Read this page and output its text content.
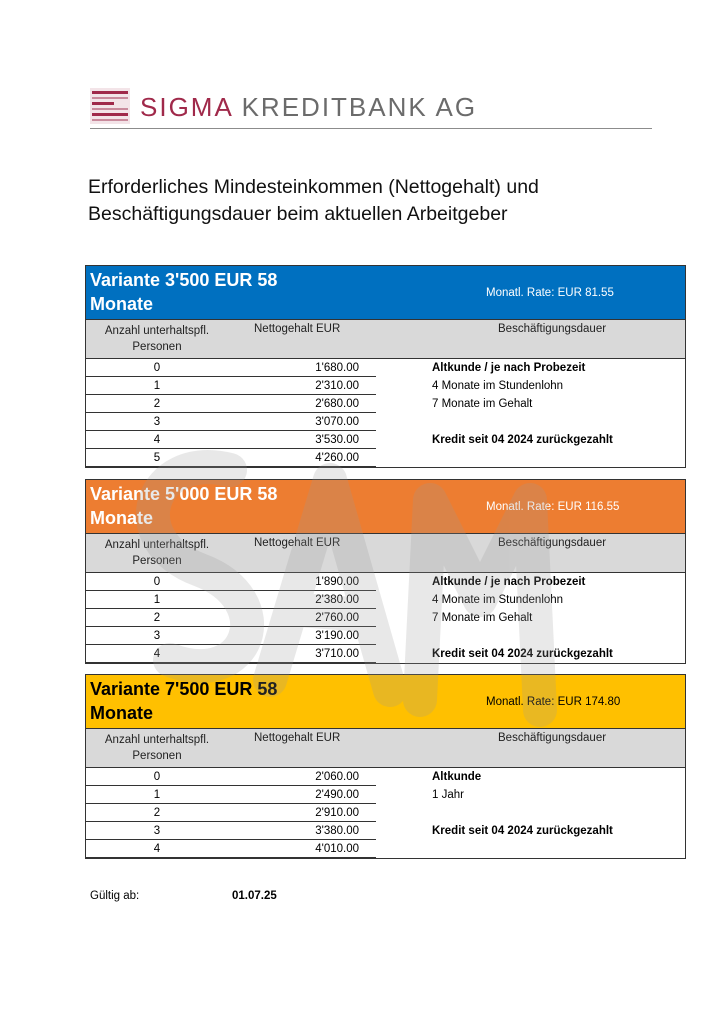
SIGMA KREDITBANK AG
Erforderliches Mindesteinkommen (Nettogehalt) und
Beschäftigungsdauer beim aktuellen Arbeitgeber
Variante 3'500 EUR 58
Monate
Monatl. Rate: EUR 81.55
Anzahl unterhaltspfl.
Personen
Nettogehalt EUR	Beschäftigungsdauer
0	1'680.00	Altkunde / je nach Probezeit
1	2'310.00	4 Monate im Stundenlohn
2	2'680.00	7 Monate im Gehalt
3	3'070.00
4	3'530.00	Kredit seit 04 2024 zurückgezahlt
5	4'260.00
Variante 5'000 EUR 58
Monate
Monatl. Rate: EUR 116.55
Anzahl unterhaltspfl.
Personen
Nettogehalt EUR	Beschäftigungsdauer
0	1'890.00	Altkunde / je nach Probezeit
1	2'380.00	4 Monate im Stundenlohn
2	2'760.00	7 Monate im Gehalt
3	3'190.00
4	3'710.00	Kredit seit 04 2024 zurückgezahlt
Variante 7'500 EUR 58
Monate
Monatl. Rate: EUR 174.80
Anzahl unterhaltspfl.
Personen
Nettogehalt EUR	Beschäftigungsdauer
0	2'060.00	Altkunde
1	2'490.00	1 Jahr
2	2'910.00
3	3'380.00	Kredit seit 04 2024 zurückgezahlt
4	4'010.00
Gültig ab:	01.07.25
